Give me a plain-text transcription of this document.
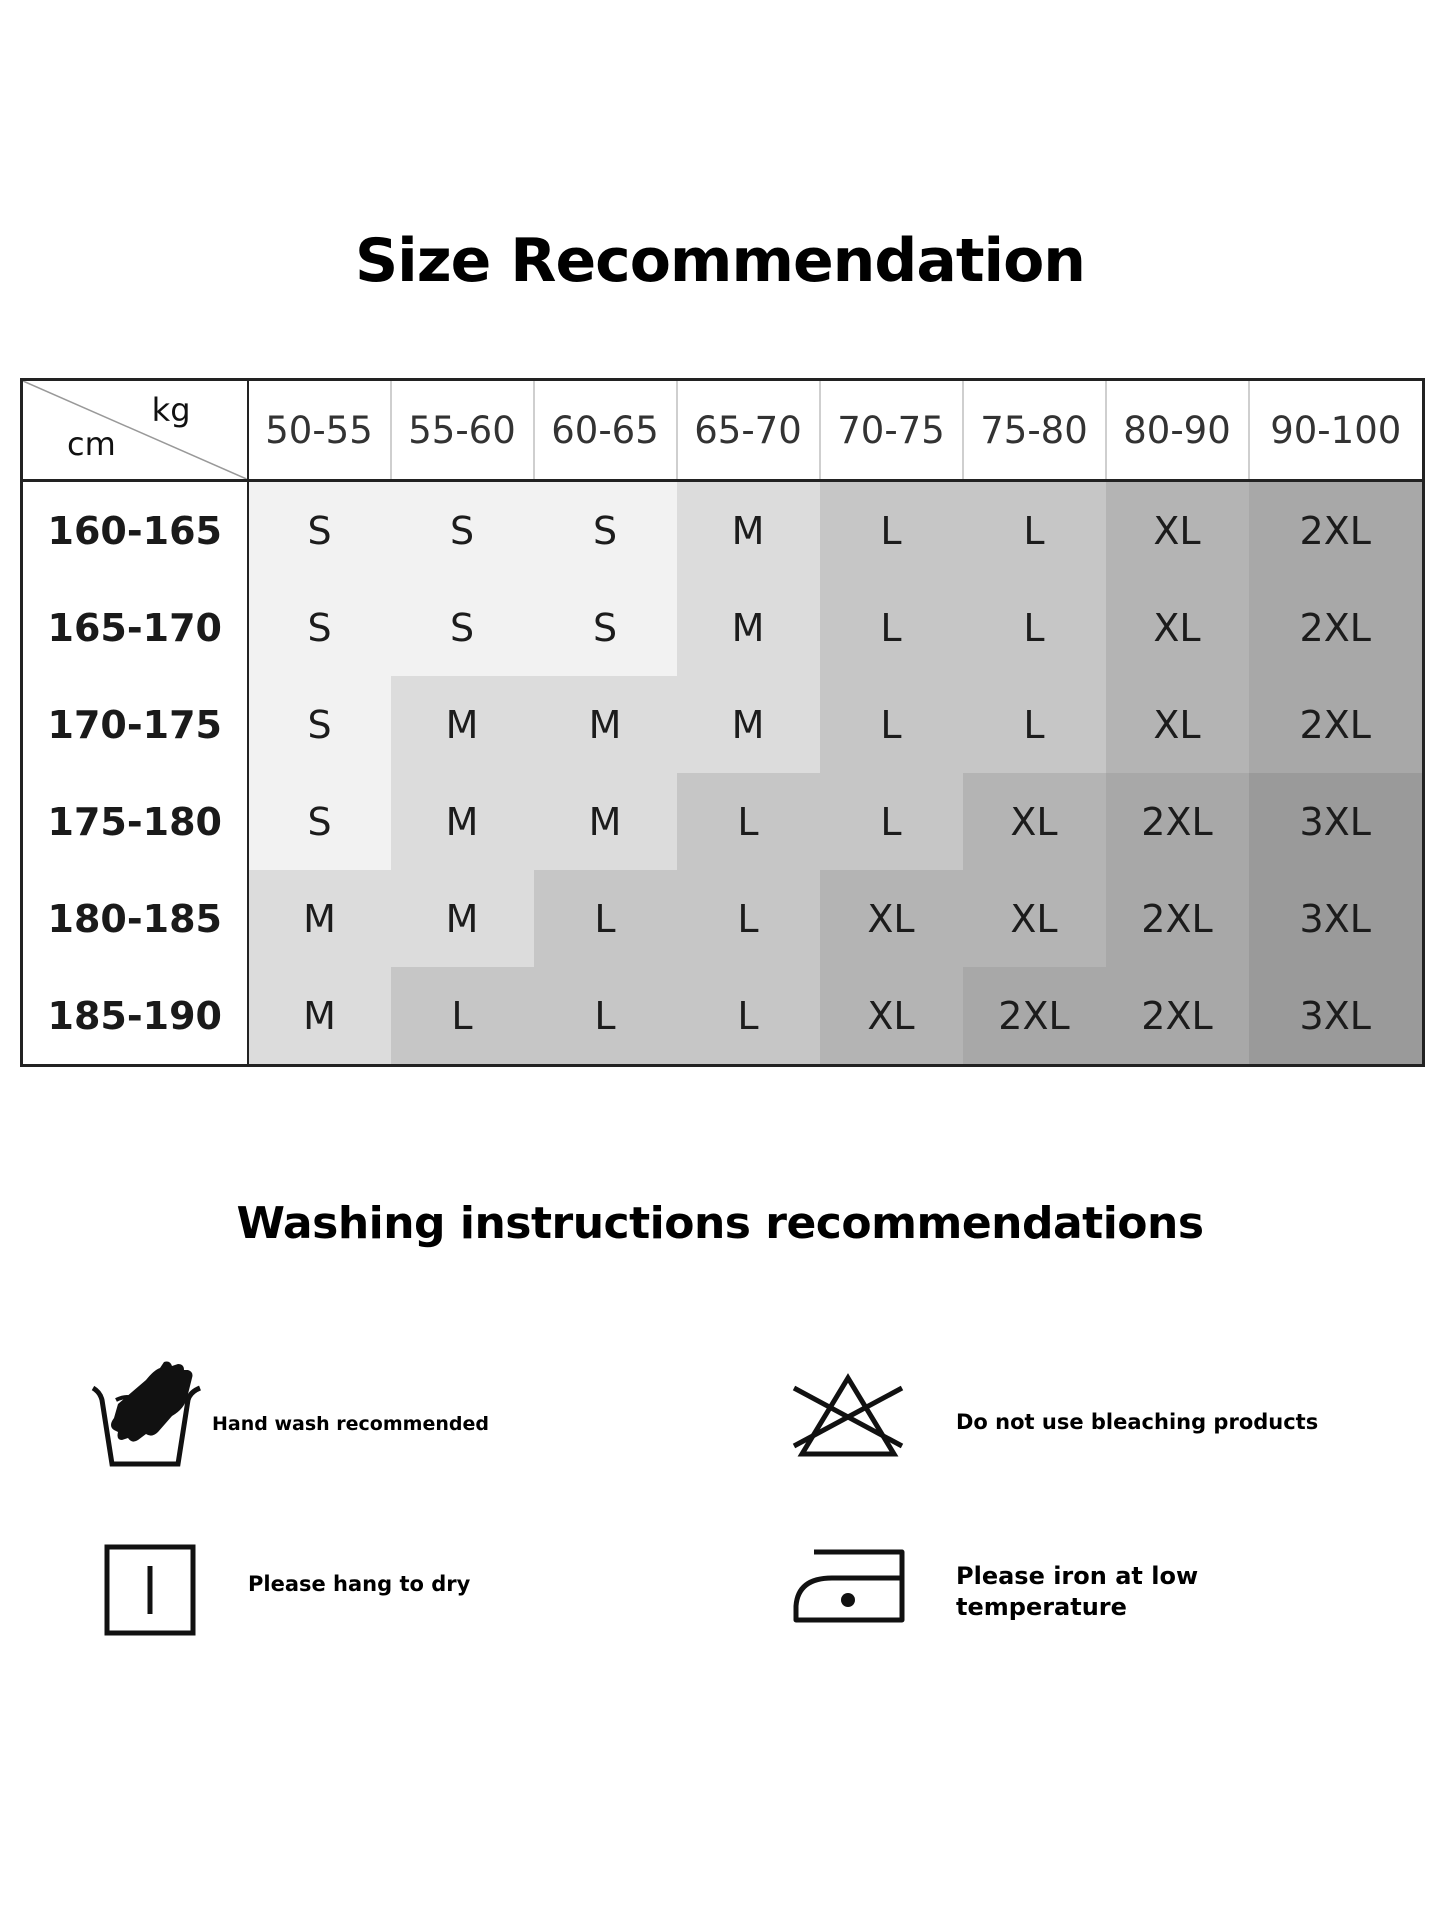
Size Recommendation
kg
cm	50-55	55-60	60-65	65-70	70-75	75-80	80-90	90-100
160-165	S	S	S	M	L	L	XL	2XL
165-170	S	S	S	M	L	L	XL	2XL
170-175	S	M	M	M	L	L	XL	2XL
175-180	S	M	M	L	L	XL	2XL	3XL
180-185	M	M	L	L	XL	XL	2XL	3XL
185-190	M	L	L	L	XL	2XL	2XL	3XL
Washing instructions recommendations
Hand wash recommended	Do not use bleaching products
Please hang to dry	Please iron at low temperature
